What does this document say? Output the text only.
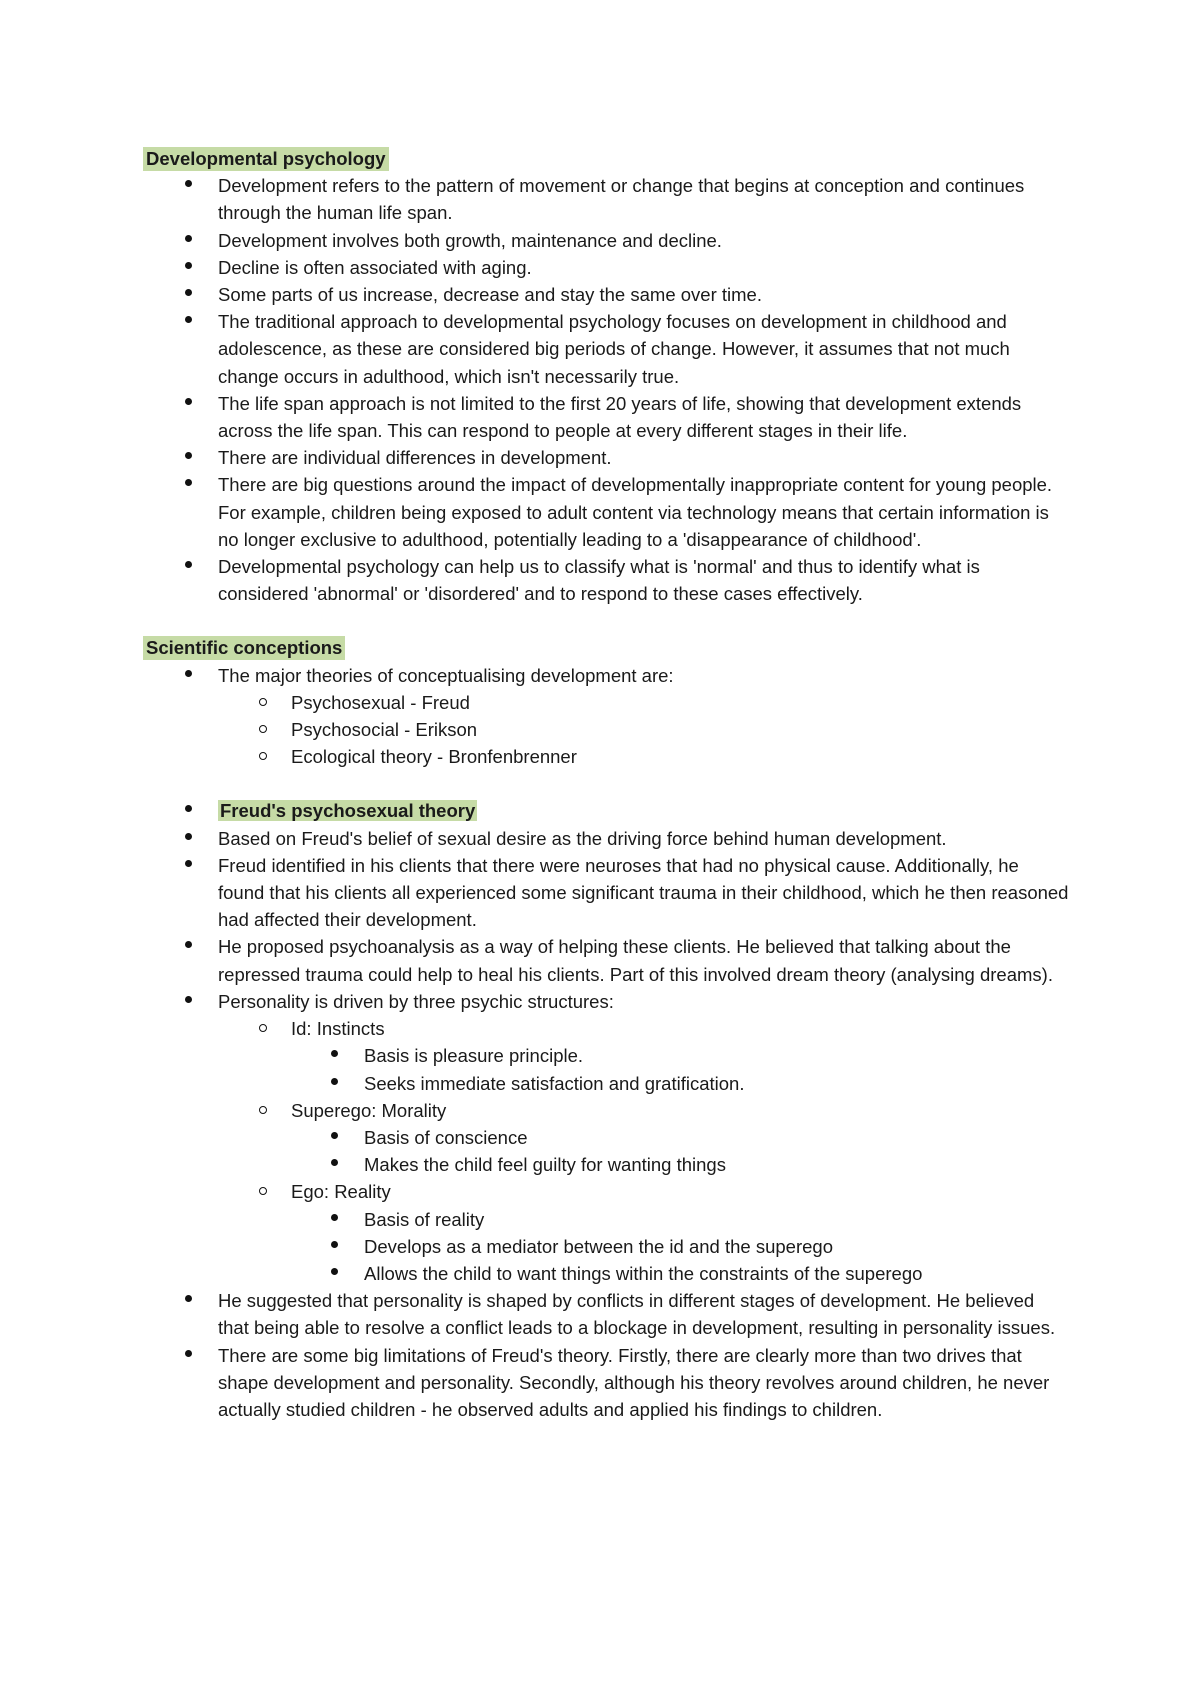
Developmental psychology
Development refers to the pattern of movement or change that begins at conception and continues through the human life span.
Development involves both growth, maintenance and decline.
Decline is often associated with aging.
Some parts of us increase, decrease and stay the same over time.
The traditional approach to developmental psychology focuses on development in childhood and adolescence, as these are considered big periods of change. However, it assumes that not much change occurs in adulthood, which isn't necessarily true.
The life span approach is not limited to the first 20 years of life, showing that development extends across the life span. This can respond to people at every different stages in their life.
There are individual differences in development.
There are big questions around the impact of developmentally inappropriate content for young people. For example, children being exposed to adult content via technology means that certain information is no longer exclusive to adulthood, potentially leading to a 'disappearance of childhood'.
Developmental psychology can help us to classify what is 'normal' and thus to identify what is considered 'abnormal' or 'disordered' and to respond to these cases effectively.
Scientific conceptions
The major theories of conceptualising development are:
Psychosexual - Freud
Psychosocial - Erikson
Ecological theory - Bronfenbrenner
Freud's psychosexual theory
Based on Freud's belief of sexual desire as the driving force behind human development.
Freud identified in his clients that there were neuroses that had no physical cause. Additionally, he found that his clients all experienced some significant trauma in their childhood, which he then reasoned had affected their development.
He proposed psychoanalysis as a way of helping these clients. He believed that talking about the repressed trauma could help to heal his clients. Part of this involved dream theory (analysing dreams).
Personality is driven by three psychic structures:
Id: Instincts
Basis is pleasure principle.
Seeks immediate satisfaction and gratification.
Superego: Morality
Basis of conscience
Makes the child feel guilty for wanting things
Ego: Reality
Basis of reality
Develops as a mediator between the id and the superego
Allows the child to want things within the constraints of the superego
He suggested that personality is shaped by conflicts in different stages of development. He believed that being able to resolve a conflict leads to a blockage in development, resulting in personality issues.
There are some big limitations of Freud's theory. Firstly, there are clearly more than two drives that shape development and personality. Secondly, although his theory revolves around children, he never actually studied children - he observed adults and applied his findings to children.
